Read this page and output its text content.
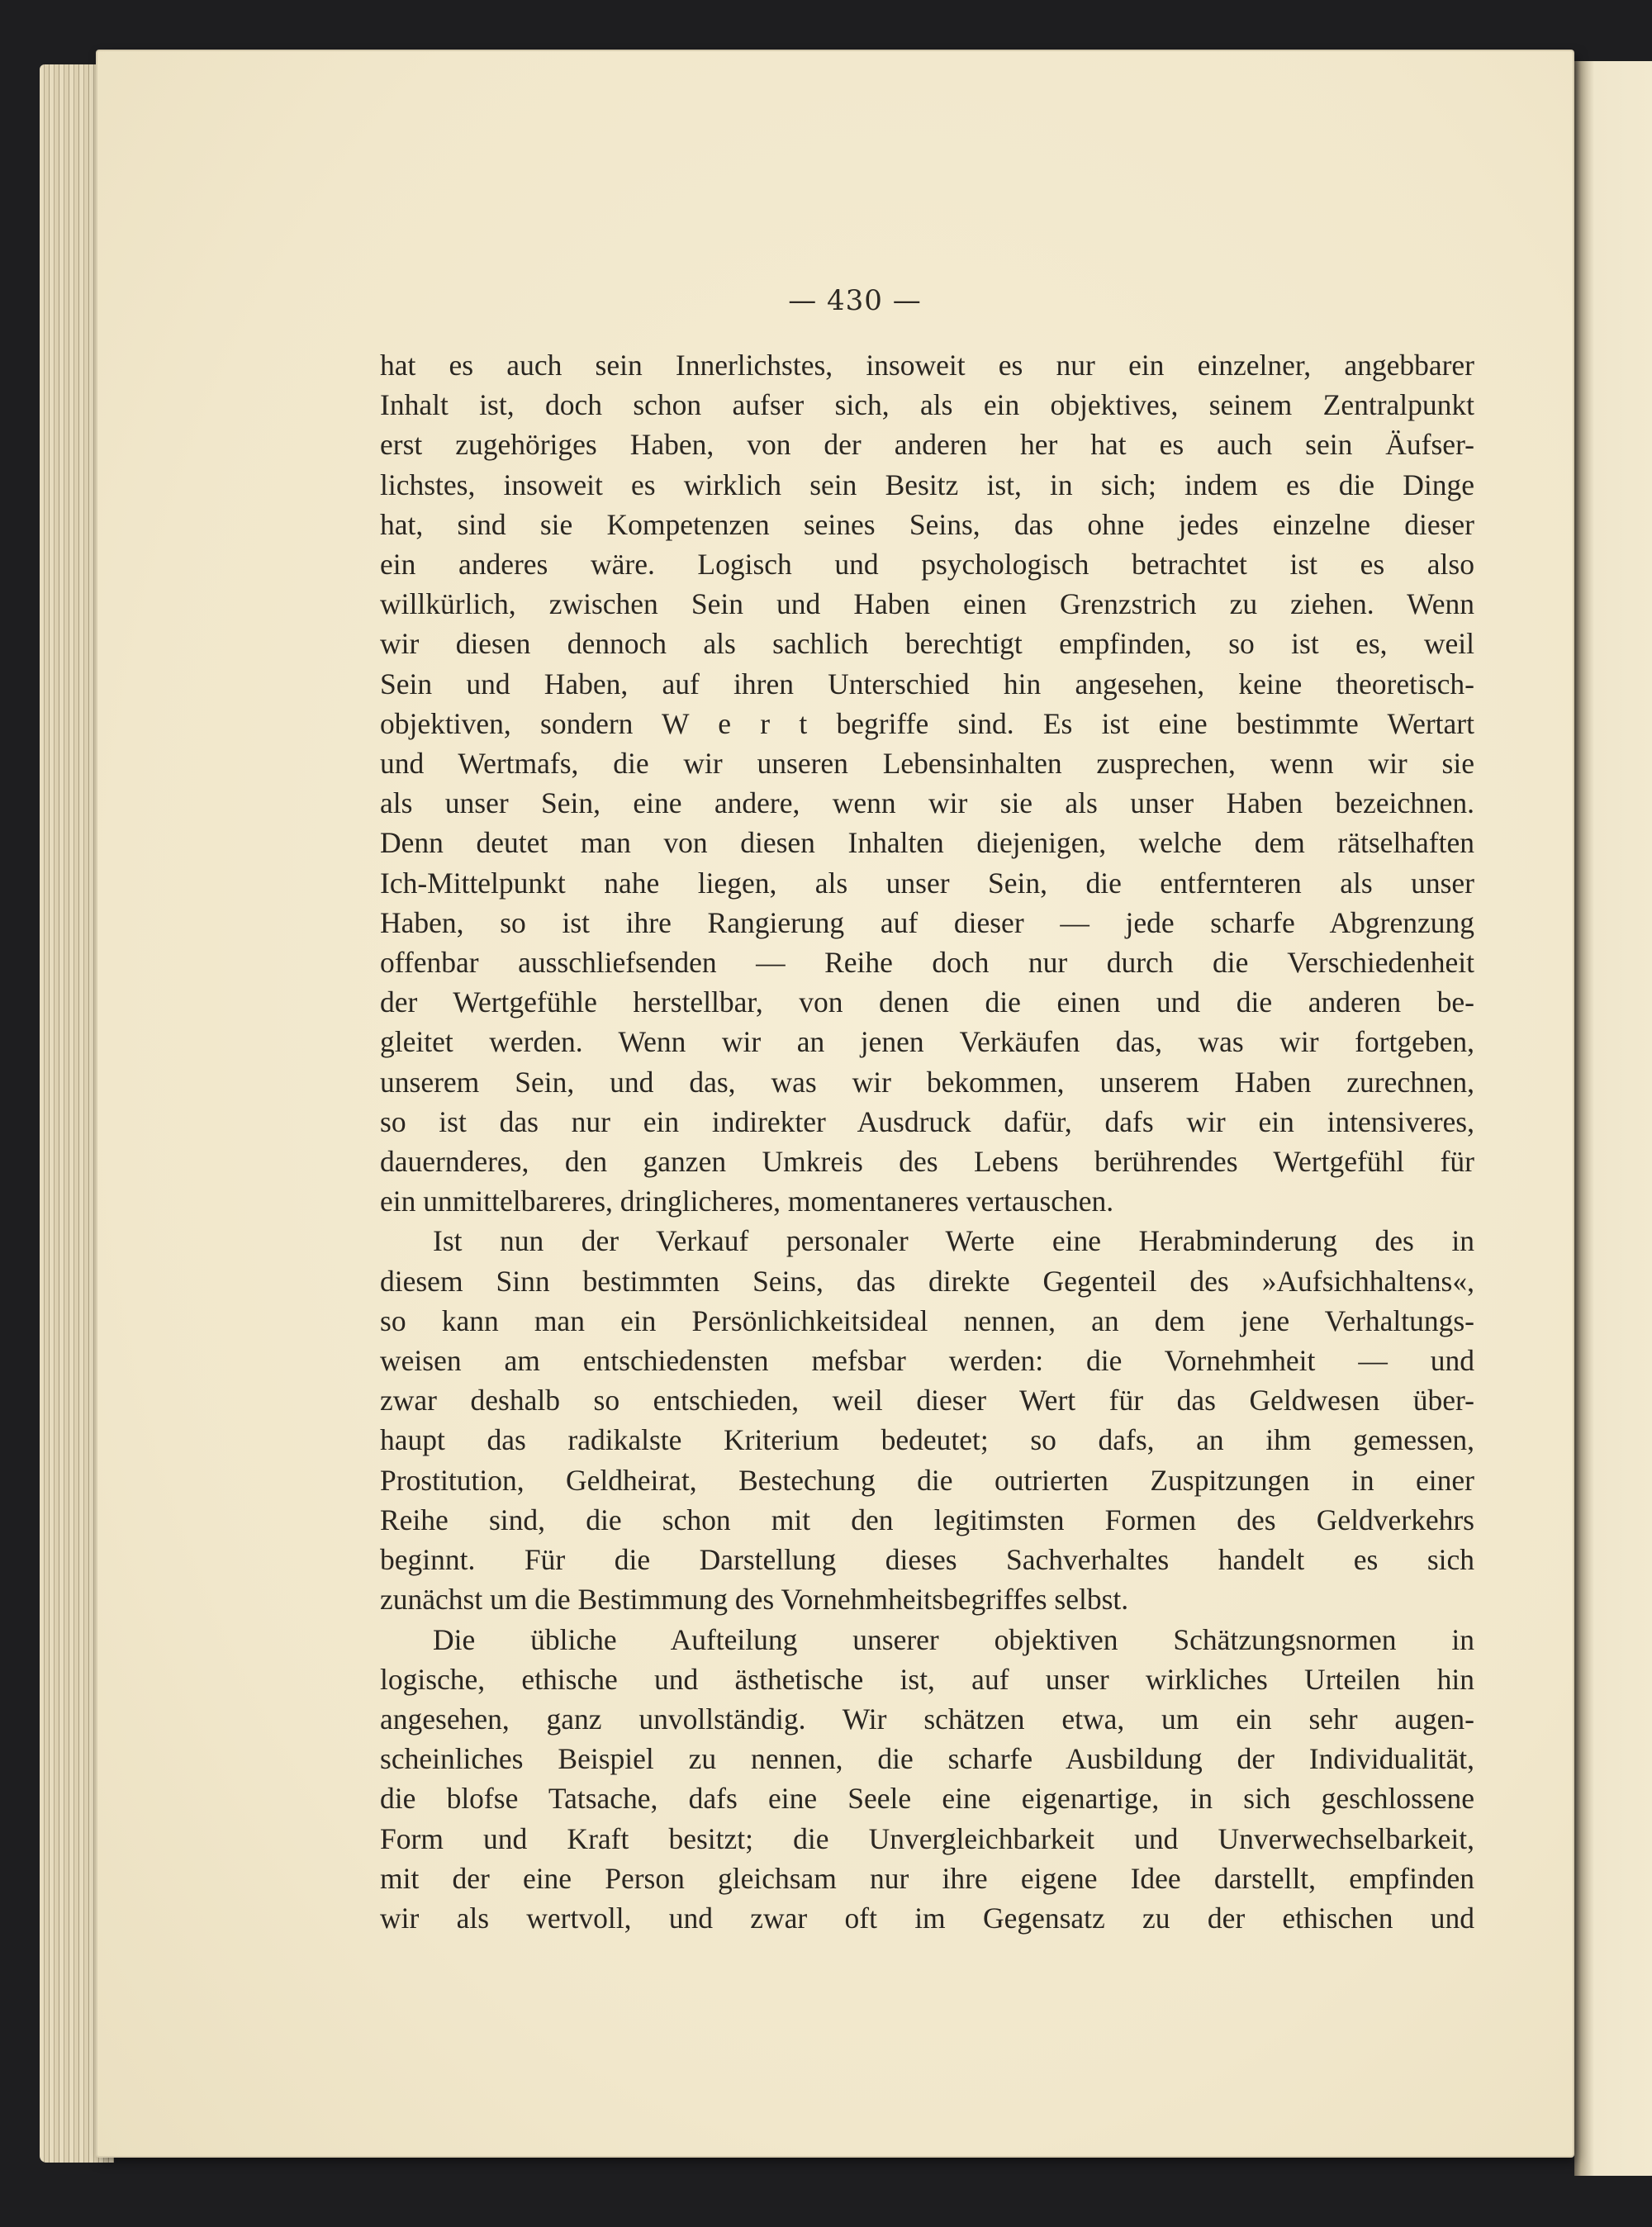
— 430 —
hat es auch sein Innerlichstes, insoweit es nur ein einzelner, angebbarer
Inhalt ist, doch schon aufser sich, als ein objektives, seinem Zentralpunkt
erst zugehöriges Haben, von der anderen her hat es auch sein Äufser-
lichstes, insoweit es wirklich sein Besitz ist, in sich; indem es die Dinge
hat, sind sie Kompetenzen seines Seins, das ohne jedes einzelne dieser
ein anderes wäre. Logisch und psychologisch betrachtet ist es also
willkürlich, zwischen Sein und Haben einen Grenzstrich zu ziehen. Wenn
wir diesen dennoch als sachlich berechtigt empfinden, so ist es, weil
Sein und Haben, auf ihren Unterschied hin angesehen, keine theoretisch-
objektiven, sondern W e r t begriffe sind. Es ist eine bestimmte Wertart
und Wertmafs, die wir unseren Lebensinhalten zusprechen, wenn wir sie
als unser Sein, eine andere, wenn wir sie als unser Haben bezeichnen.
Denn deutet man von diesen Inhalten diejenigen, welche dem rätselhaften
Ich-Mittelpunkt nahe liegen, als unser Sein, die entfernteren als unser
Haben, so ist ihre Rangierung auf dieser — jede scharfe Abgrenzung
offenbar ausschliefsenden — Reihe doch nur durch die Verschiedenheit
der Wertgefühle herstellbar, von denen die einen und die anderen be-
gleitet werden. Wenn wir an jenen Verkäufen das, was wir fortgeben,
unserem Sein, und das, was wir bekommen, unserem Haben zurechnen,
so ist das nur ein indirekter Ausdruck dafür, dafs wir ein intensiveres,
dauernderes, den ganzen Umkreis des Lebens berührendes Wertgefühl für
ein unmittelbareres, dringlicheres, momentaneres vertauschen.
Ist nun der Verkauf personaler Werte eine Herabminderung des in
diesem Sinn bestimmten Seins, das direkte Gegenteil des »Aufsichhaltens«,
so kann man ein Persönlichkeitsideal nennen, an dem jene Verhaltungs-
weisen am entschiedensten mefsbar werden: die Vornehmheit — und
zwar deshalb so entschieden, weil dieser Wert für das Geldwesen über-
haupt das radikalste Kriterium bedeutet; so dafs, an ihm gemessen,
Prostitution, Geldheirat, Bestechung die outrierten Zuspitzungen in einer
Reihe sind, die schon mit den legitimsten Formen des Geldverkehrs
beginnt. Für die Darstellung dieses Sachverhaltes handelt es sich
zunächst um die Bestimmung des Vornehmheitsbegriffes selbst.
Die übliche Aufteilung unserer objektiven Schätzungsnormen in
logische, ethische und ästhetische ist, auf unser wirkliches Urteilen hin
angesehen, ganz unvollständig. Wir schätzen etwa, um ein sehr augen-
scheinliches Beispiel zu nennen, die scharfe Ausbildung der Individualität,
die blofse Tatsache, dafs eine Seele eine eigenartige, in sich geschlossene
Form und Kraft besitzt; die Unvergleichbarkeit und Unverwechselbarkeit,
mit der eine Person gleichsam nur ihre eigene Idee darstellt, empfinden
wir als wertvoll, und zwar oft im Gegensatz zu der ethischen und
